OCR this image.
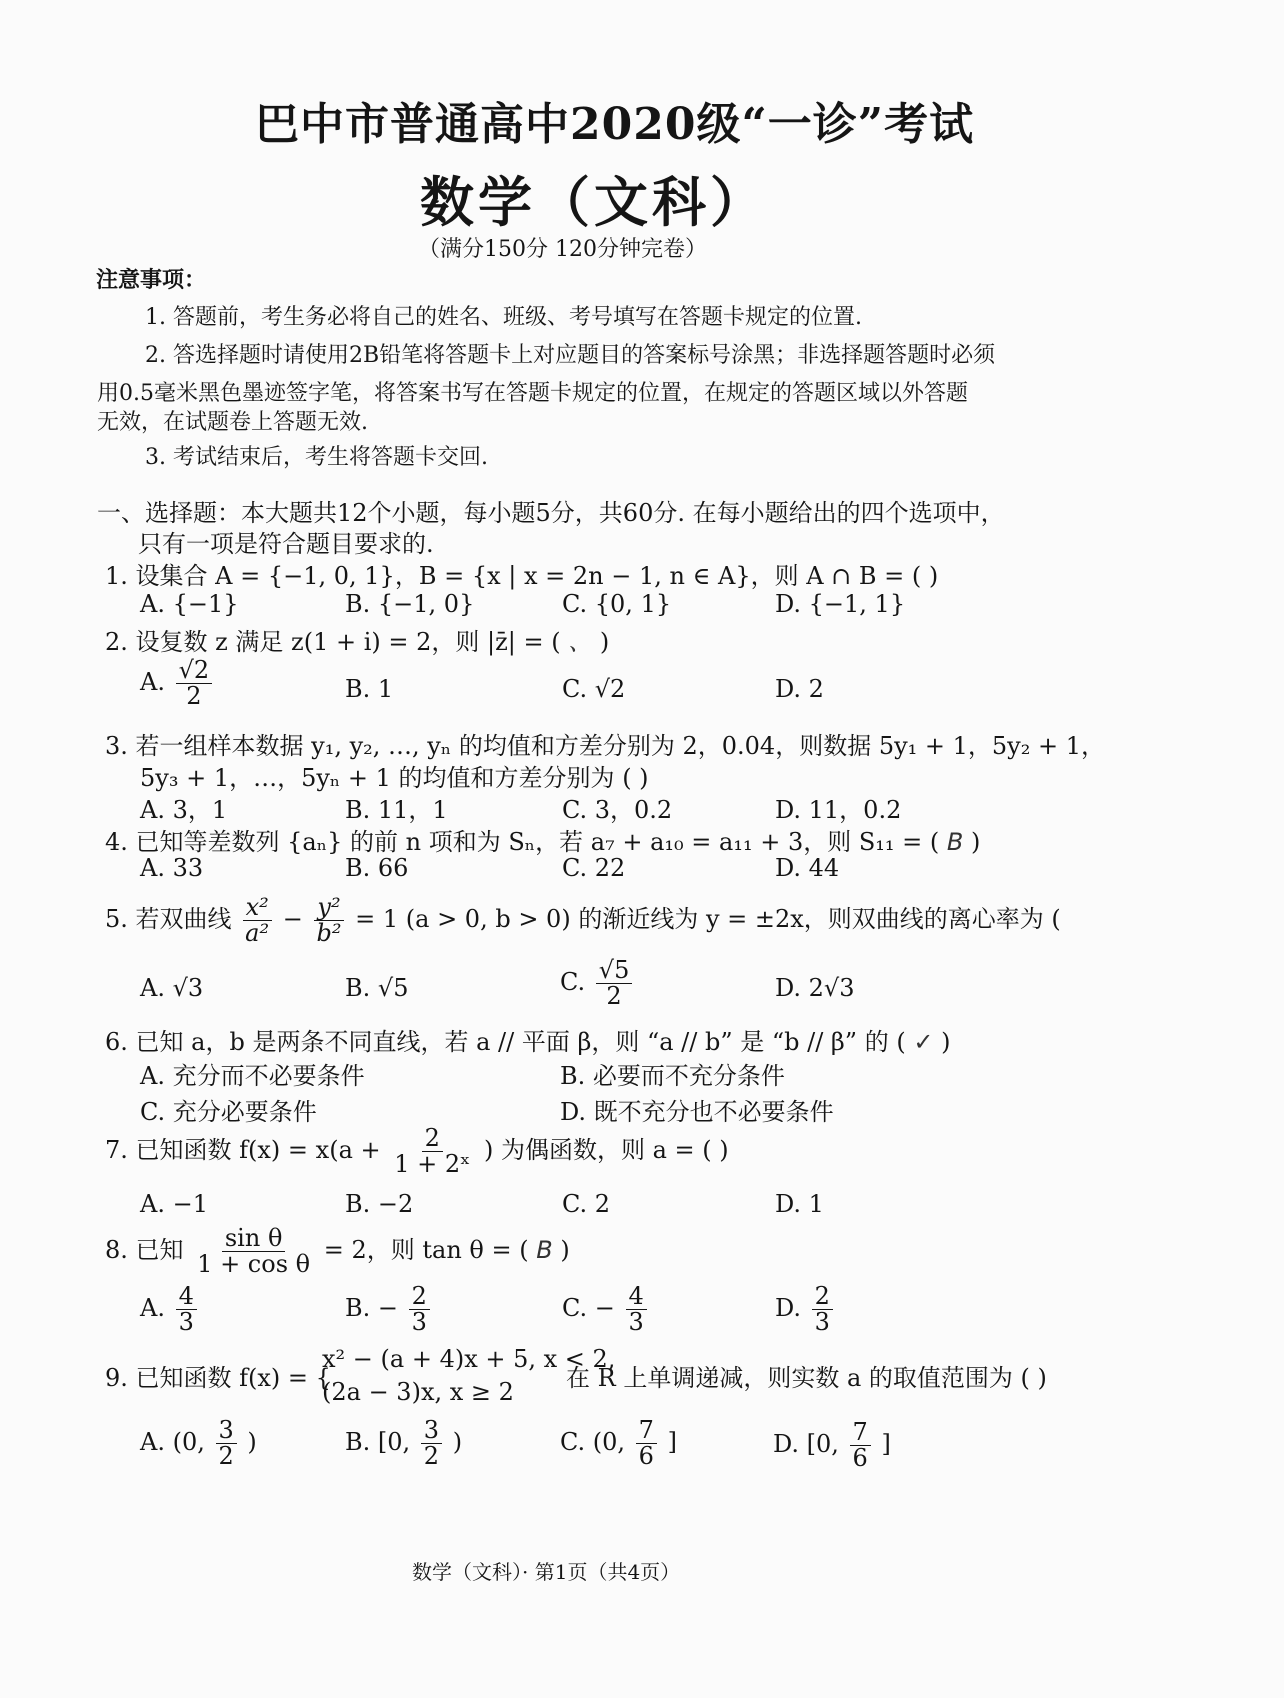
巴中市普通高中2020级“一诊”考试
数学（文科）
（满分150分 120分钟完卷）
注意事项：
1. 答题前，考生务必将自己的姓名、班级、考号填写在答题卡规定的位置.
2. 答选择题时请使用2B铅笔将答题卡上对应题目的答案标号涂黑；非选择题答题时必须
用0.5毫米黑色墨迹签字笔，将答案书写在答题卡规定的位置，在规定的答题区域以外答题
无效，在试题卷上答题无效.
3. 考试结束后，考生将答题卡交回.
一、选择题：本大题共12个小题，每小题5分，共60分. 在每小题给出的四个选项中，
只有一项是符合题目要求的.
1. 设集合 A = {−1, 0, 1}，B = {x | x = 2n − 1, n ∈ A}，则 A ∩ B = ( )
A. {−1}	B. {−1, 0}	C. {0, 1}	D. {−1, 1}
2. 设复数 z 满足 z(1 + i) = 2，则 |z̄| = ( 、 )
A. $\frac{√2}{2}$	B. 1	C. √2	D. 2
3. 若一组样本数据 y₁, y₂, …, yₙ 的均值和方差分别为 2，0.04，则数据 5y₁ + 1，5y₂ + 1，
5y₃ + 1，…，5yₙ + 1 的均值和方差分别为 ( )
A. 3，1	B. 11，1	C. 3，0.2	D. 11，0.2
4. 已知等差数列 {aₙ} 的前 n 项和为 Sₙ，若 a₇ + a₁₀ = a₁₁ + 3，则 S₁₁ = ( B )
A. 33	B. 66	C. 22	D. 44
5. 若双曲线 $\frac{\text{x²}}{\text{a²}} - \frac{\text{y²}}{\text{b²}} = 1$ (a > 0, b > 0) 的渐近线为 y = ±2x，则双曲线的离心率为 (
A. √3	B. √5	C. $\frac{√5}{2}$	D. 2√3
6. 已知 a，b 是两条不同直线，若 a // 平面 β，则 “a // b” 是 “b // β” 的 ( ✓ )
A. 充分而不必要条件	B. 必要而不充分条件
C. 充分必要条件	D. 既不充分也不必要条件
7. 已知函数 $f(x) = x(a + \frac{2}{\text{1 + 2ˣ}}$ ) 为偶函数，则 a = ( )
A. −1	B. −2	C. 2	D. 1
8. 已知 $\frac{\text{sin θ}}{\text{1 + cos θ}} = 2$，则 tan θ = ( B )
A. $\frac{4}{3}$	B. − $\frac{2}{3}$	C. − $\frac{4}{3}$	D. $\frac{2}{3}$
9. 已知函数 f(x) = {
x² − (a + 4)x + 5, x < 2,
(2a − 3)x, x ≥ 2 在 R 上单调递减，则实数 a 的取值范围为 ( )
A. (0, $\frac{3}{2}$ )	B. [0, $\frac{3}{2}$ )	C. (0, $\frac{7}{6}$ ]	D. [0, $\frac{7}{6}$ ]
数学（文科）· 第1页（共4页）
